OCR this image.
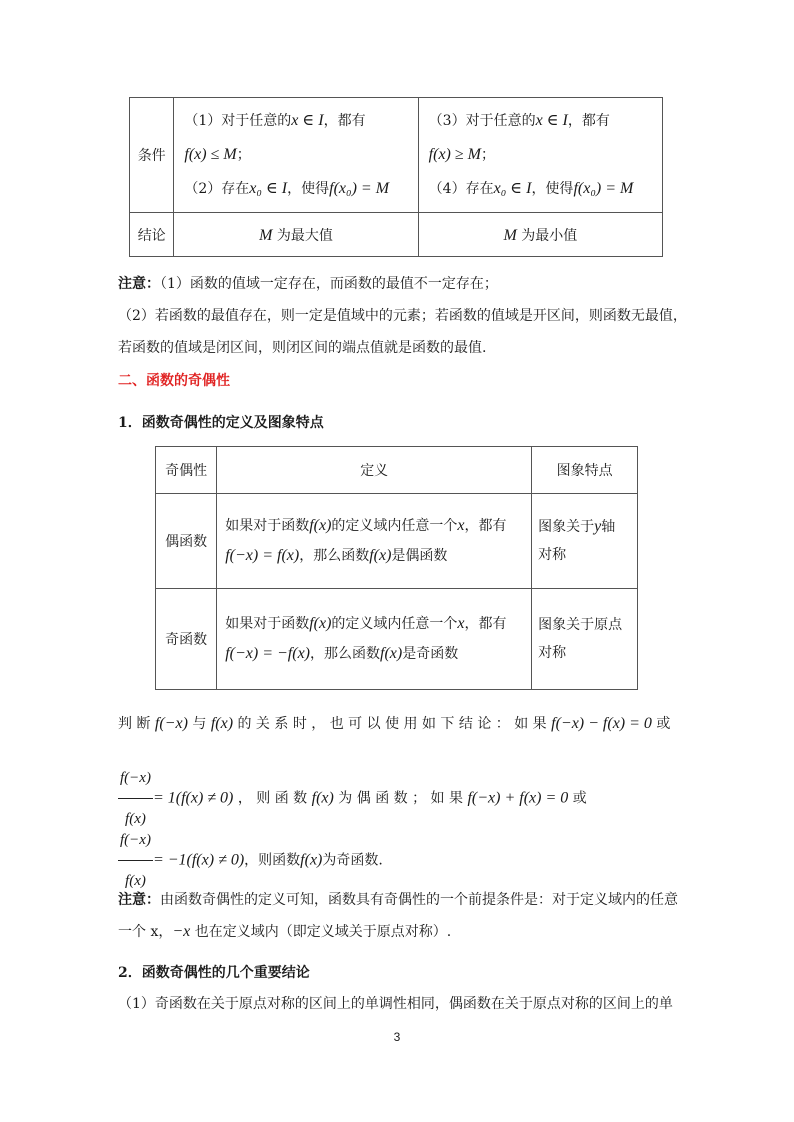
条件	（1）对于任意的x ∈ I，都有
f(x) ≤ M；
（2）存在x₀ ∈ I，使得f(x₀) = M	（3）对于任意的x ∈ I，都有
f(x) ≥ M；
（4）存在x₀ ∈ I，使得f(x₀) = M

结论	M 为最大值	M 为最小值
注意：（1）函数的值域一定存在，而函数的最值不一定存在；
（2）若函数的最值存在，则一定是值域中的元素；若函数的值域是开区间，则函数无最值，
若函数的值域是闭区间，则闭区间的端点值就是函数的最值.
二、函数的奇偶性
1．函数奇偶性的定义及图象特点
奇偶性	定义	图象特点
偶函数	如果对于函数f(x)的定义域内任意一个x，都有
f(−x) = f(x)，那么函数f(x)是偶函数	图象关于y轴
对称

奇函数	如果对于函数f(x)的定义域内任意一个x，都有
f(−x) = −f(x)，那么函数f(x)是奇函数	图象关于原点
对称
判 断 f(−x) 与 f(x) 的 关 系 时 ， 也 可 以 使 用 如 下 结 论 ： 如 果 f(−x) − f(x) = 0 或
$\frac{f(-x)}{f(x)} = 1(f(x) \ne 0)$ ， 则 函 数 f(x) 为 偶 函 数 ； 如 果 f(−x) + f(x) = 0 或
$\frac{f(-x)}{f(x)} = -1(f(x) \ne 0)$，则函数f(x)为奇函数.
注意：由函数奇偶性的定义可知，函数具有奇偶性的一个前提条件是：对于定义域内的任意
一个 x，−x 也在定义域内（即定义域关于原点对称）.
2．函数奇偶性的几个重要结论
（1）奇函数在关于原点对称的区间上的单调性相同，偶函数在关于原点对称的区间上的单
3
